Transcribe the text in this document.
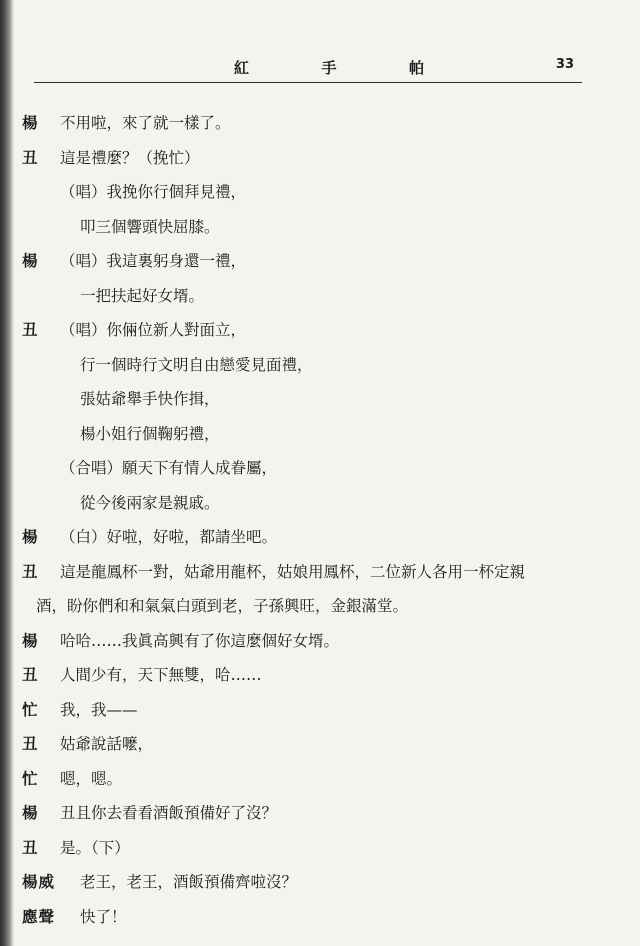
紅	手	帕	33
楊 不用啦，來了就一樣了。
丑 這是禮麼？（挽忙）
（唱）我挽你行個拜見禮，
叩三個響頭快屈膝。
楊 （唱）我這裏躬身還一禮，
一把扶起好女壻。
丑 （唱）你倆位新人對面立，
行一個時行文明自由戀愛見面禮，
張姑爺舉手快作揖，
楊小姐行個鞠躬禮，
（合唱）願天下有情人成眷屬，
從今後兩家是親戚。
楊 （白）好啦，好啦，都請坐吧。
丑 這是龍鳳杯一對，姑爺用龍杯，姑娘用鳳杯，二位新人各用一杯定親
酒，盼你們和和氣氣白頭到老，子孫興旺，金銀滿堂。
楊 哈哈……我眞高興有了你這麼個好女壻。
丑 人間少有，天下無雙，哈……
忙 我，我——
丑 姑爺說話嚒，
忙 嗯，嗯。
楊 丑且你去看看酒飯預備好了沒？
丑 是。（下）
楊威 老王，老王，酒飯預備齊啦沒？
應聲 快了！
